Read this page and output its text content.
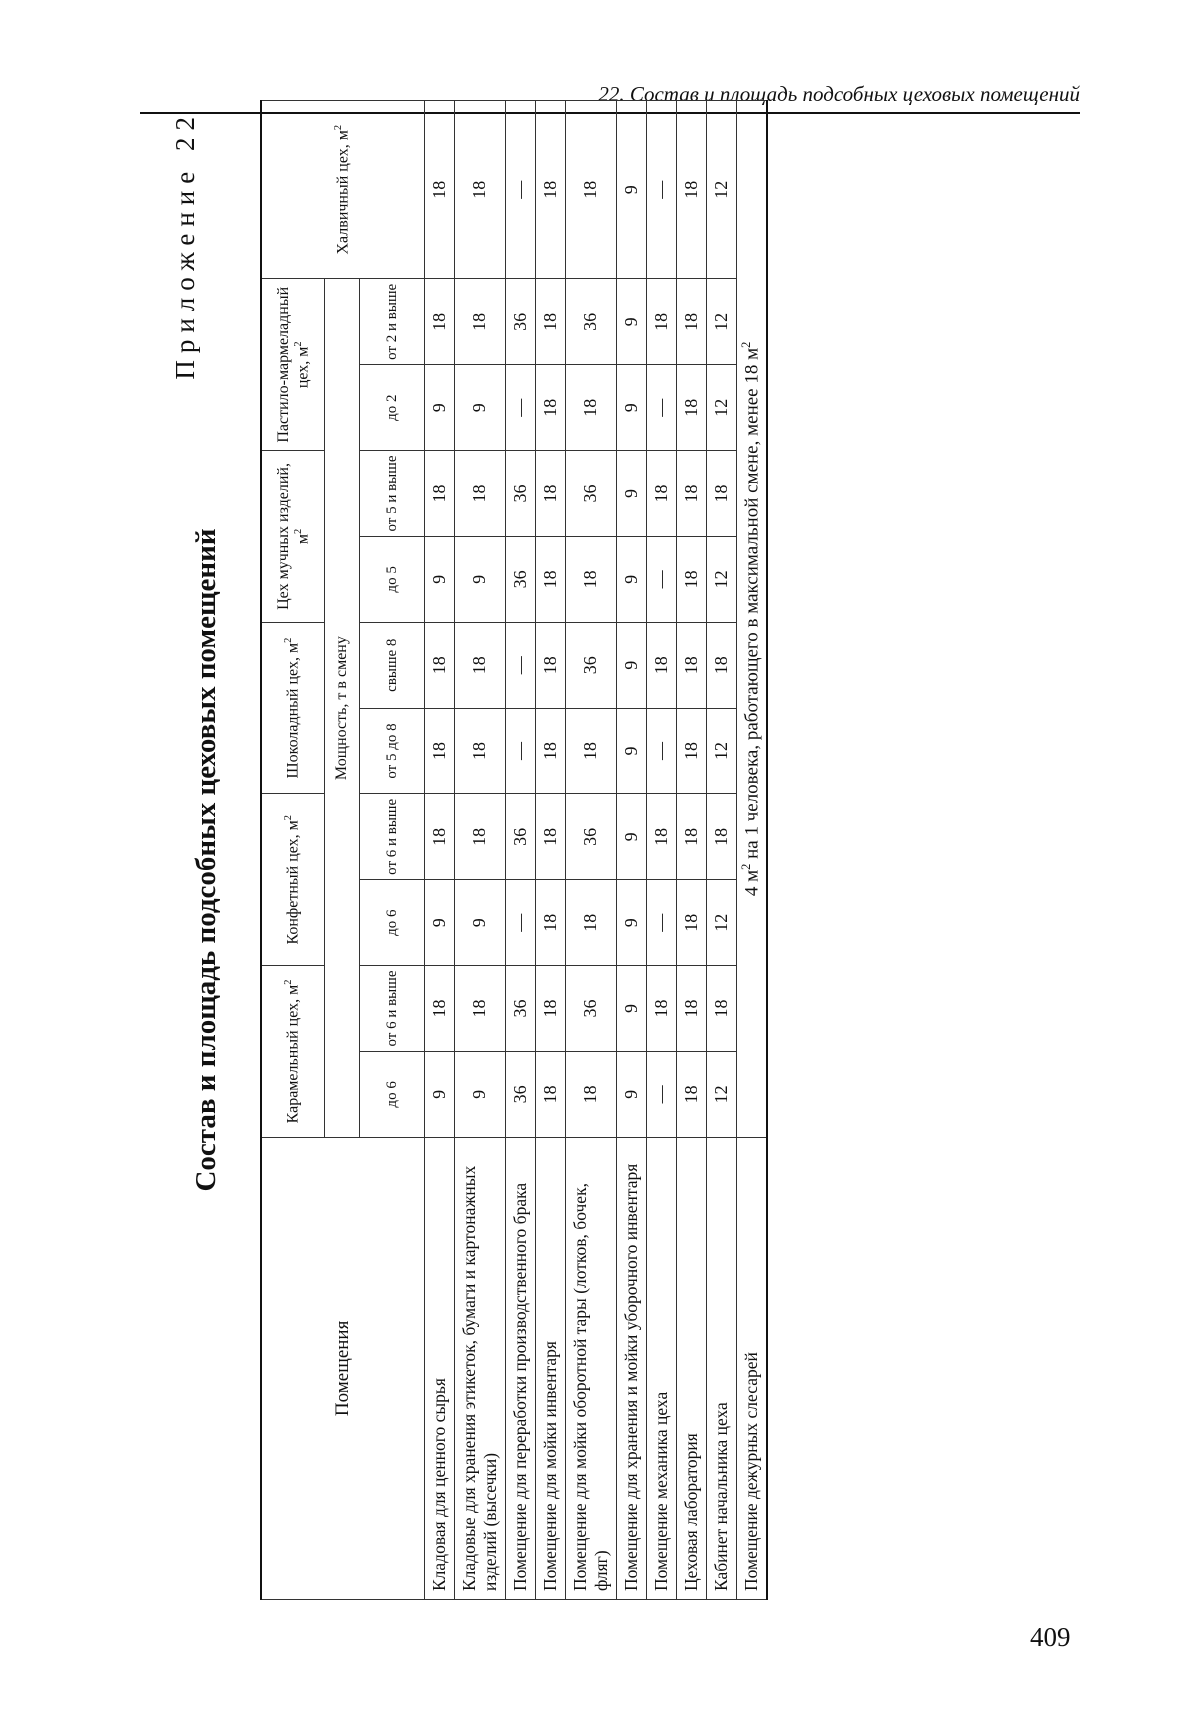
22. Состав и площадь подсобных цеховых помещений
Приложение 22
Состав и площадь подсобных цеховых помещений
Помещения	Карамельный цех, $м^2$		Конфетный цех, $м^2$		Шоколадный цех, $м^2$		Цех мучных изделий, $м^2$		Пастило-мармеладный цех, $м^2$		Халвичный цех, $м^2$
	Мощность, т в смену										
	до 6	от 6 и выше	до 6	от 6 и выше	от 5 до 8	свыше 8	до 5	от 5 и выше	до 2	от 2 и выше	
Кладовая для ценного сырья	9	18	9	18	18	18	9	18	9	18	18
Кладовые для хранения этикеток, бумаги и картонажных изделий (высечки)	9	18	9	18	18	18	9	18	9	18	18
Помещение для переработки производственного брака	36	36	—	36	—	—	36	36	—	36	—
Помещение для мойки инвентаря	18	18	18	18	18	18	18	18	18	18	18
Помещение для мойки оборотной тары (лотков, бочек, фляг)	18	36	18	36	18	36	18	36	18	36	18
Помещение для хранения и мойки уборочного инвентаря	9	9	9	9	9	9	9	9	9	9	9
Помещение механика цеха	—	18	—	18	—	18	—	18	—	18	—
Цеховая лаборатория	18	18	18	18	18	18	18	18	18	18	18
Кабинет начальника цеха	12	18	12	18	12	18	12	18	12	12	12
Помещение дежурных слесарей	4 $м^2$ на 1 человека, работающего в максимальной смене, менее 18 $м^2$
409
